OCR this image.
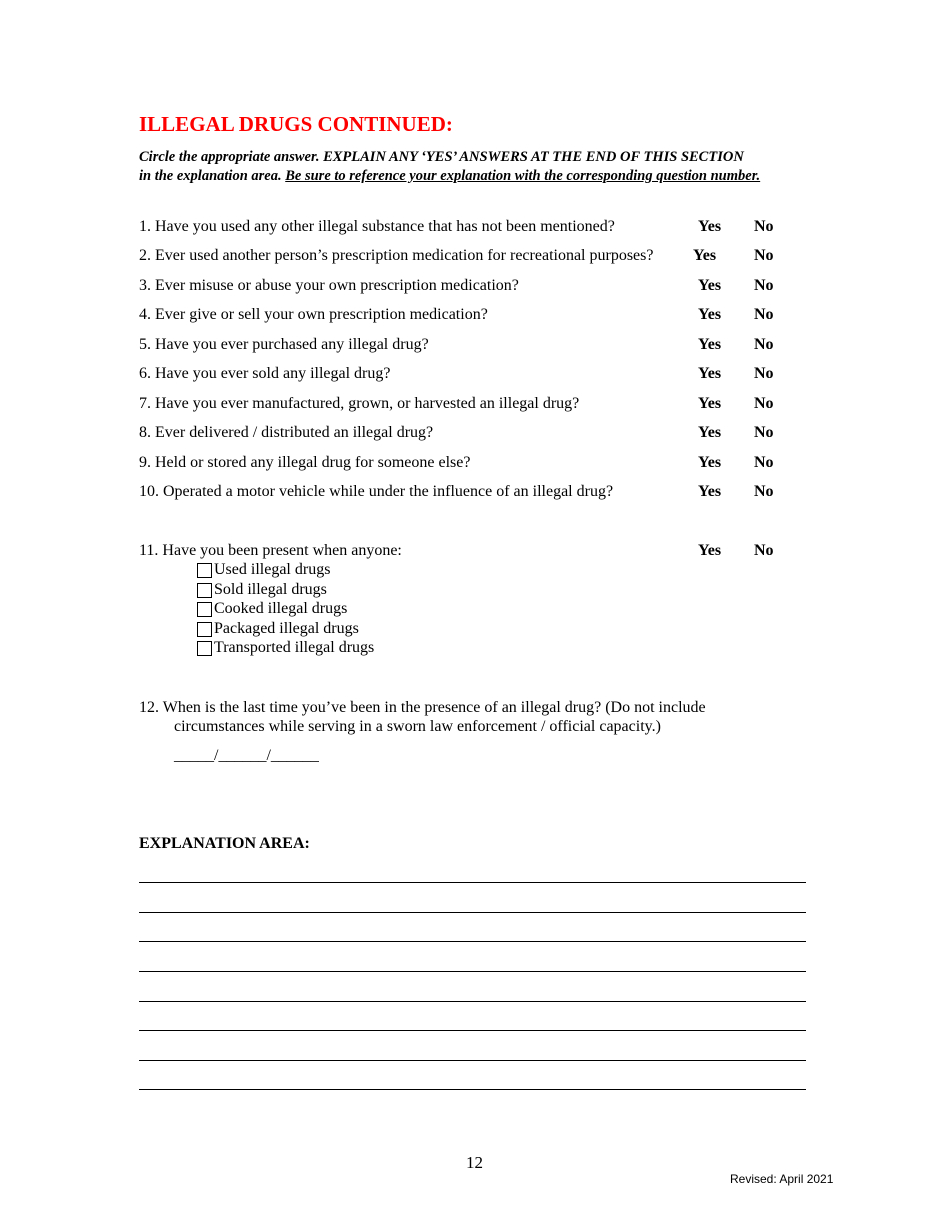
ILLEGAL DRUGS CONTINUED:
Circle the appropriate answer. EXPLAIN ANY ‘YES’ ANSWERS AT THE END OF THIS SECTION
in the explanation area. Be sure to reference your explanation with the corresponding question number.
1. Have you used any other illegal substance that has not been mentioned?	Yes No
2. Ever used another person’s prescription medication for recreational purposes? Yes No
3. Ever misuse or abuse your own prescription medication?	Yes No
4. Ever give or sell your own prescription medication?	Yes No
5. Have you ever purchased any illegal drug?	Yes No
6. Have you ever sold any illegal drug?	Yes No
7. Have you ever manufactured, grown, or harvested an illegal drug?	Yes No
8. Ever delivered / distributed an illegal drug?	Yes No
9. Held or stored any illegal drug for someone else?	Yes No
10. Operated a motor vehicle while under the influence of an illegal drug?	Yes No
11. Have you been present when anyone:	Yes No
Used illegal drugs
Sold illegal drugs
Cooked illegal drugs
Packaged illegal drugs
Transported illegal drugs
12. When is the last time you’ve been in the presence of an illegal drug? (Do not include
circumstances while serving in a sworn law enforcement / official capacity.)
_____/______/______
EXPLANATION AREA:
12
Revised: April 2021
